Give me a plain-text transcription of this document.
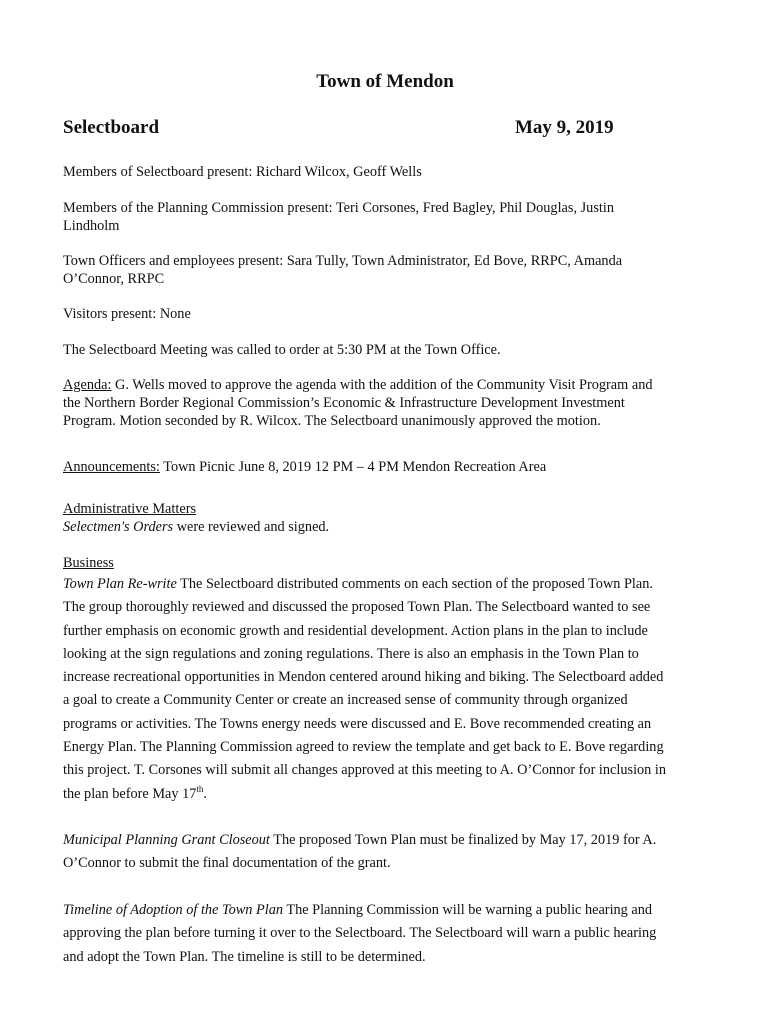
Town of Mendon
Selectboard	May 9, 2019

Members of Selectboard present: Richard Wilcox, Geoff Wells

Members of the Planning Commission present: Teri Corsones, Fred Bagley, Phil Douglas, Justin
Lindholm
Town Officers and employees present: Sara Tully, Town Administrator, Ed Bove, RRPC, Amanda
O’Connor, RRPC

Visitors present: None

The Selectboard Meeting was called to order at 5:30 PM at the Town Office.

Agenda: G. Wells moved to approve the agenda with the addition of the Community Visit Program and
the Northern Border Regional Commission’s Economic & Infrastructure Development Investment
Program. Motion seconded by R. Wilcox. The Selectboard unanimously approved the motion.
Announcements: Town Picnic June 8, 2019 12 PM – 4 PM Mendon Recreation Area
Administrative Matters
Selectmen's Orders were reviewed and signed.
Business
Town Plan Re-write The Selectboard distributed comments on each section of the proposed Town Plan.
The group thoroughly reviewed and discussed the proposed Town Plan. The Selectboard wanted to see
further emphasis on economic growth and residential development. Action plans in the plan to include
looking at the sign regulations and zoning regulations. There is also an emphasis in the Town Plan to
increase recreational opportunities in Mendon centered around hiking and biking. The Selectboard added
a goal to create a Community Center or create an increased sense of community through organized
programs or activities. The Towns energy needs were discussed and E. Bove recommended creating an
Energy Plan. The Planning Commission agreed to review the template and get back to E. Bove regarding
this project. T. Corsones will submit all changes approved at this meeting to A. O’Connor for inclusion in
the plan before May 17th.
Municipal Planning Grant Closeout The proposed Town Plan must be finalized by May 17, 2019 for A.
O’Connor to submit the final documentation of the grant.
Timeline of Adoption of the Town Plan The Planning Commission will be warning a public hearing and
approving the plan before turning it over to the Selectboard. The Selectboard will warn a public hearing
and adopt the Town Plan. The timeline is still to be determined.
